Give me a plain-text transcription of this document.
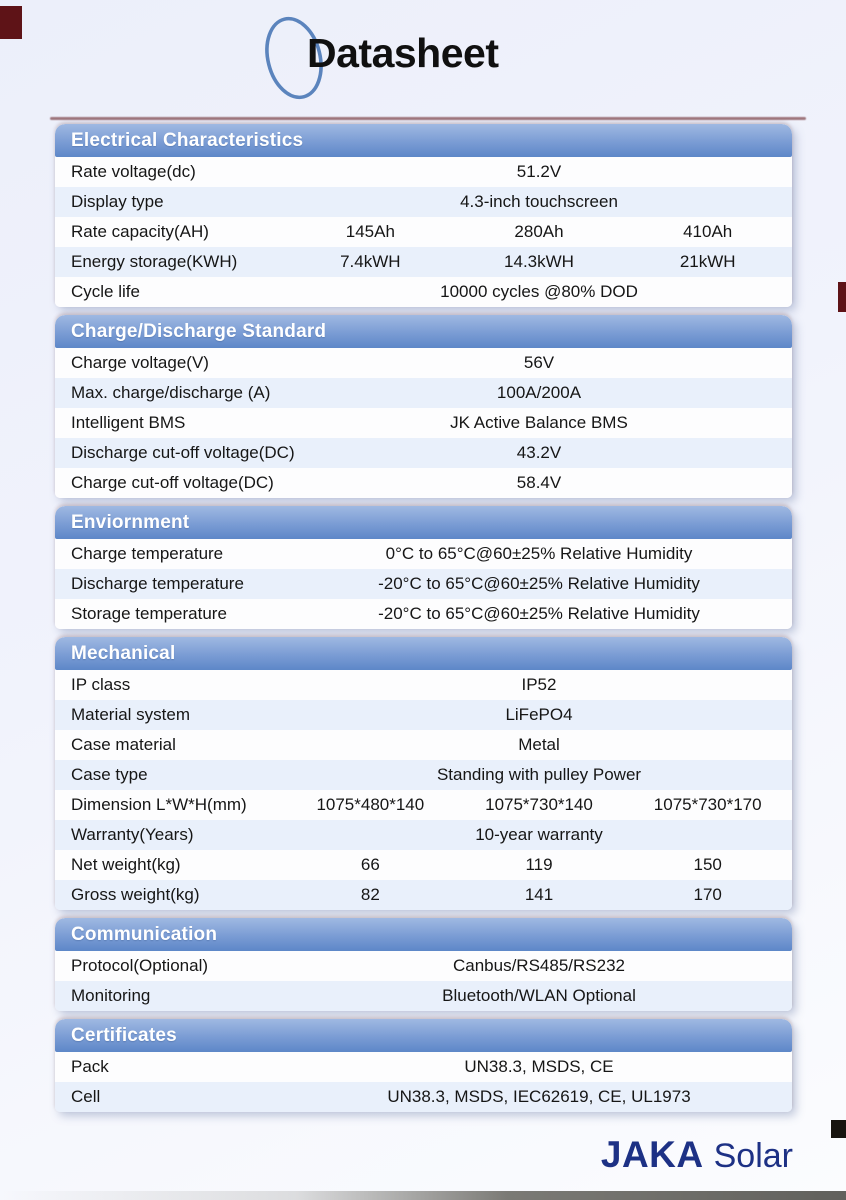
Datasheet
Electrical Characteristics
Rate voltage(dc)	51.2V
Display type	4.3-inch touchscreen
Rate capacity(AH)	145Ah	280Ah	410Ah
Energy storage(KWH)	7.4kWH	14.3kWH	21kWH
Cycle life	10000 cycles @80% DOD
Charge/Discharge Standard
Charge voltage(V)	56V
Max. charge/discharge (A)	100A/200A
Intelligent BMS	JK Active Balance BMS
Discharge cut-off voltage(DC)	43.2V
Charge cut-off voltage(DC)	58.4V
Enviornment
Charge temperature	0°C to 65°C@60±25% Relative Humidity
Discharge temperature	-20°C to 65°C@60±25% Relative Humidity
Storage temperature	-20°C to 65°C@60±25% Relative Humidity
Mechanical
IP class	IP52
Material system	LiFePO4
Case material	Metal
Case type	Standing with pulley Power
Dimension L*W*H(mm)	1075*480*140	1075*730*140	1075*730*170
Warranty(Years)	10-year warranty
Net weight(kg)	66	119	150
Gross weight(kg)	82	141	170
Communication
Protocol(Optional)	Canbus/RS485/RS232
Monitoring	Bluetooth/WLAN Optional
Certificates
Pack	UN38.3, MSDS, CE
Cell	UN38.3, MSDS, IEC62619, CE, UL1973
JAKA Solar
